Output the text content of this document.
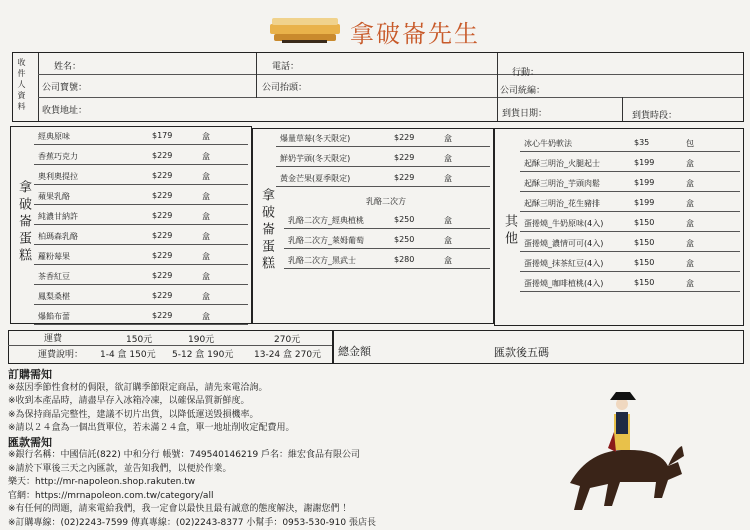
拿破崙先生
收件人資料	姓名：
公司寶號：
收貨地址：
電話：
公司抬頭：
行動：
公司統編：
到貨日期：	到貨時段：
拿破崙蛋糕	拿破崙蛋糕	其他
經典原味	$179	盒
香蕉巧克力	$229	盒
奧利奧提拉	$229	盒
蘋果乳酪	$229	盒
純濃甘納許	$229	盒
柏瑪森乳酪	$229	盒
蘿粉莓果	$229	盒
茶香紅豆	$229	盒
鳳梨桑椹	$229	盒
爆餡布蕾	$229	盒
爆量草莓(冬天限定)	$229	盒
鮮奶芋頭(冬天限定)	$229	盒
黃金芒果(夏季限定)	$229	盒
乳酪二次方_經典植桃	$250	盒
乳酪二次方_萊姆葡萄	$250	盒
乳酪二次方_黑武士	$280	盒
冰心牛奶軟法	$35	包
起酥三明治_火腿起士	$199	盒
起酥三明治_芋頭肉鬆	$199	盒
起酥三明治_花生豬排	$199	盒
蛋捲燒_牛奶原味(4入)	$150	盒
蛋捲燒_濃情可可(4入)	$150	盒
蛋捲燒_抹茶紅豆(4入)	$150	盒
蛋捲燒_咖啡植桃(4入)	$150	盒
乳酪二次方
運費	150元	190元	270元
運費說明： 1-4 盒 150元 5-12 盒 190元 13-24 盒 270元 總金額	匯款後五碼
訂購需知
※茲因季節性食材的侷限，欲訂購季節限定商品，請先來電洽詢。
※收到本產品時，請盡早存入冰箱冷凍，以確保品質新鮮度。
※為保持商品完整性，建議不切片出貨，以降低運送毀損機率。
※請以２４盒為一個出貨單位，若未滿２４盒，單一地址削收定配費用。
匯款需知
※銀行名稱：中國信託(822) 中和分行 帳號：749540146219 戶名：維宏食品有限公司
※請於下單後三天之內匯款，並告知我們，以便於作業。
樂天：http://mr-napoleon.shop.rakuten.tw
官網：https://mrnapoleon.com.tw/category/all
※有任何的問題，請來電給我們，我一定會以最快且最有誠意的態度解決，謝謝您們 ！
※訂購專線：(02)2243-7599 傳真專線：(02)2243-8377 小幫手：0953-530-910 張店長
